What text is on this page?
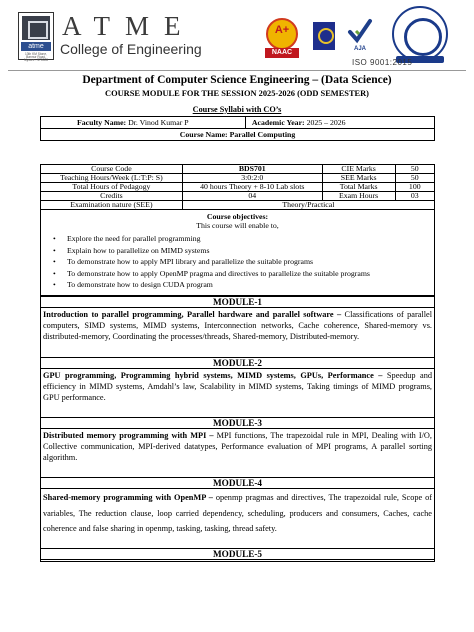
atme
13th KM Stone, Bannur Road, Mysore - 570028
ATME
College of Engineering
A+
NAAC	AJA
ISO 9001:2015
Department of Computer Science Engineering – (Data Science)
COURSE MODULE FOR THE SESSION 2025-2026 (ODD SEMESTER)
Course Syllabi with CO’s
Faculty Name: Dr. Vinod Kumar P	Academic Year: 2025 – 2026
Course Name: Parallel Computing
Course Code	BDS701	CIE Marks	50
Teaching Hours/Week (L:T:P: S)	3:0:2:0	SEE Marks	50
Total Hours of Pedagogy	40 hours Theory + 8-10 Lab slots	Total Marks	100
Credits	04	Exam Hours	03
Examination nature (SEE)	Theory/Practical		
Course objectives:
This course will enable to,
• Explore the need for parallel programming
• Explain how to parallelize on MIMD systems
• To demonstrate how to apply MPI library and parallelize the suitable programs
• To demonstrate how to apply OpenMP pragma and directives to parallelize the suitable programs
• To demonstrate how to design CUDA program
MODULE-1
Introduction to parallel programming, Parallel hardware and parallel software – Classifications of parallel computers, SIMD systems, MIMD systems, Interconnection networks, Cache coherence, Shared-memory vs. distributed-memory, Coordinating the processes/threads, Shared-memory, Distributed-memory.
MODULE-2
GPU programming, Programming hybrid systems, MIMD systems, GPUs, Performance – Speedup and efficiency in MIMD systems, Amdahl’s law, Scalability in MIMD systems, Taking timings of MIMD programs, GPU performance.
MODULE-3
Distributed memory programming with MPI – MPI functions, The trapezoidal rule in MPI, Dealing with I/O, Collective communication, MPI-derived datatypes, Performance evaluation of MPI programs, A parallel sorting algorithm.
MODULE-4
Shared-memory programming with OpenMP – openmp pragmas and directives, The trapezoidal rule, Scope of variables, The reduction clause, loop carried dependency, scheduling, producers and consumers, Caches, cache coherence and false sharing in openmp, tasking, tasking, thread safety.
MODULE-5
